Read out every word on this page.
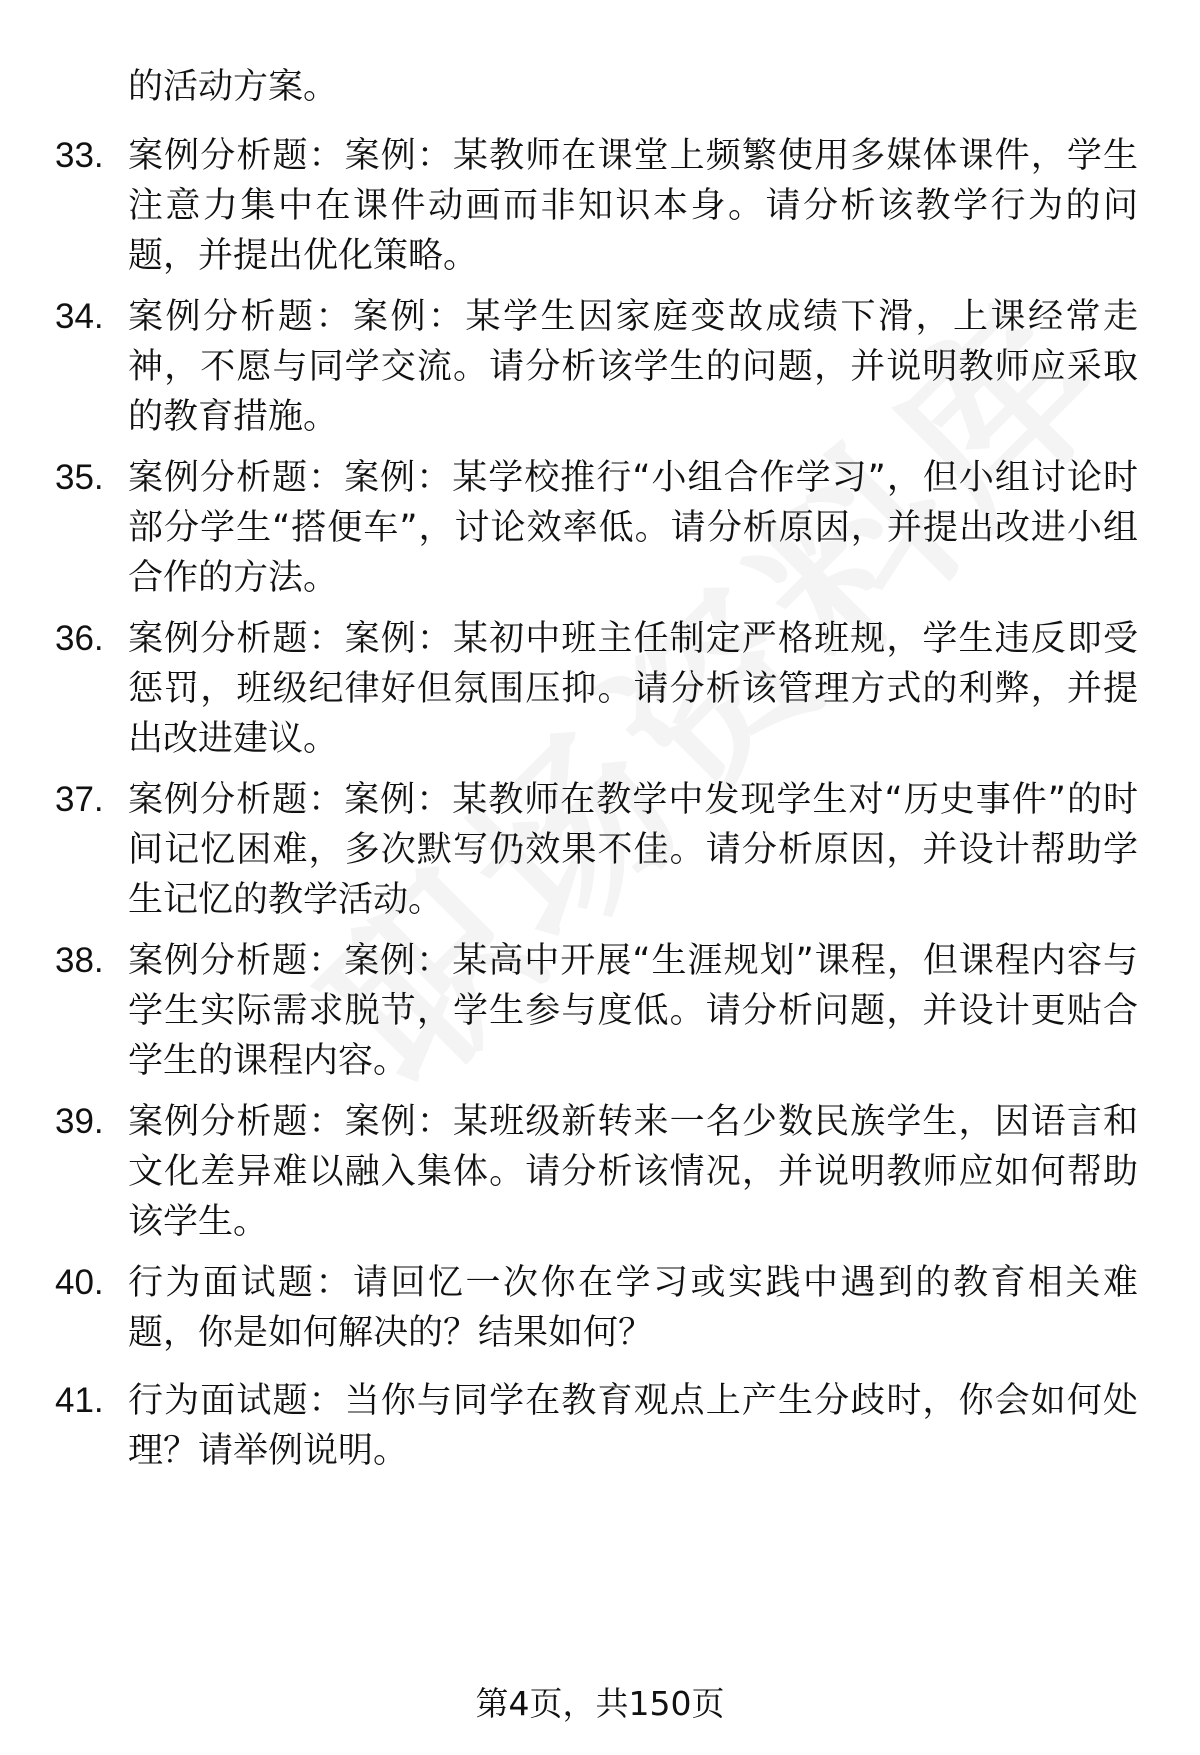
的活动方案。
33. 案例分析题：案例：某教师在课堂上频繁使用多媒体课件，学生注意力集中在课件动画而非知识本身。请分析该教学行为的问题，并提出优化策略。
34. 案例分析题：案例：某学生因家庭变故成绩下滑，上课经常走神，不愿与同学交流。请分析该学生的问题，并说明教师应采取的教育措施。
35. 案例分析题：案例：某学校推行“小组合作学习”，但小组讨论时部分学生“搭便车”，讨论效率低。请分析原因，并提出改进小组合作的方法。
36. 案例分析题：案例：某初中班主任制定严格班规，学生违反即受惩罚，班级纪律好但氛围压抑。请分析该管理方式的利弊，并提出改进建议。
37. 案例分析题：案例：某教师在教学中发现学生对“历史事件”的时间记忆困难，多次默写仍效果不佳。请分析原因，并设计帮助学生记忆的教学活动。
38. 案例分析题：案例：某高中开展“生涯规划”课程，但课程内容与学生实际需求脱节，学生参与度低。请分析问题，并设计更贴合学生的课程内容。
39. 案例分析题：案例：某班级新转来一名少数民族学生，因语言和文化差异难以融入集体。请分析该情况，并说明教师应如何帮助该学生。
40. 行为面试题：请回忆一次你在学习或实践中遇到的教育相关难题，你是如何解决的？结果如何？
41. 行为面试题：当你与同学在教育观点上产生分歧时，你会如何处理？请举例说明。
第4页，共150页
